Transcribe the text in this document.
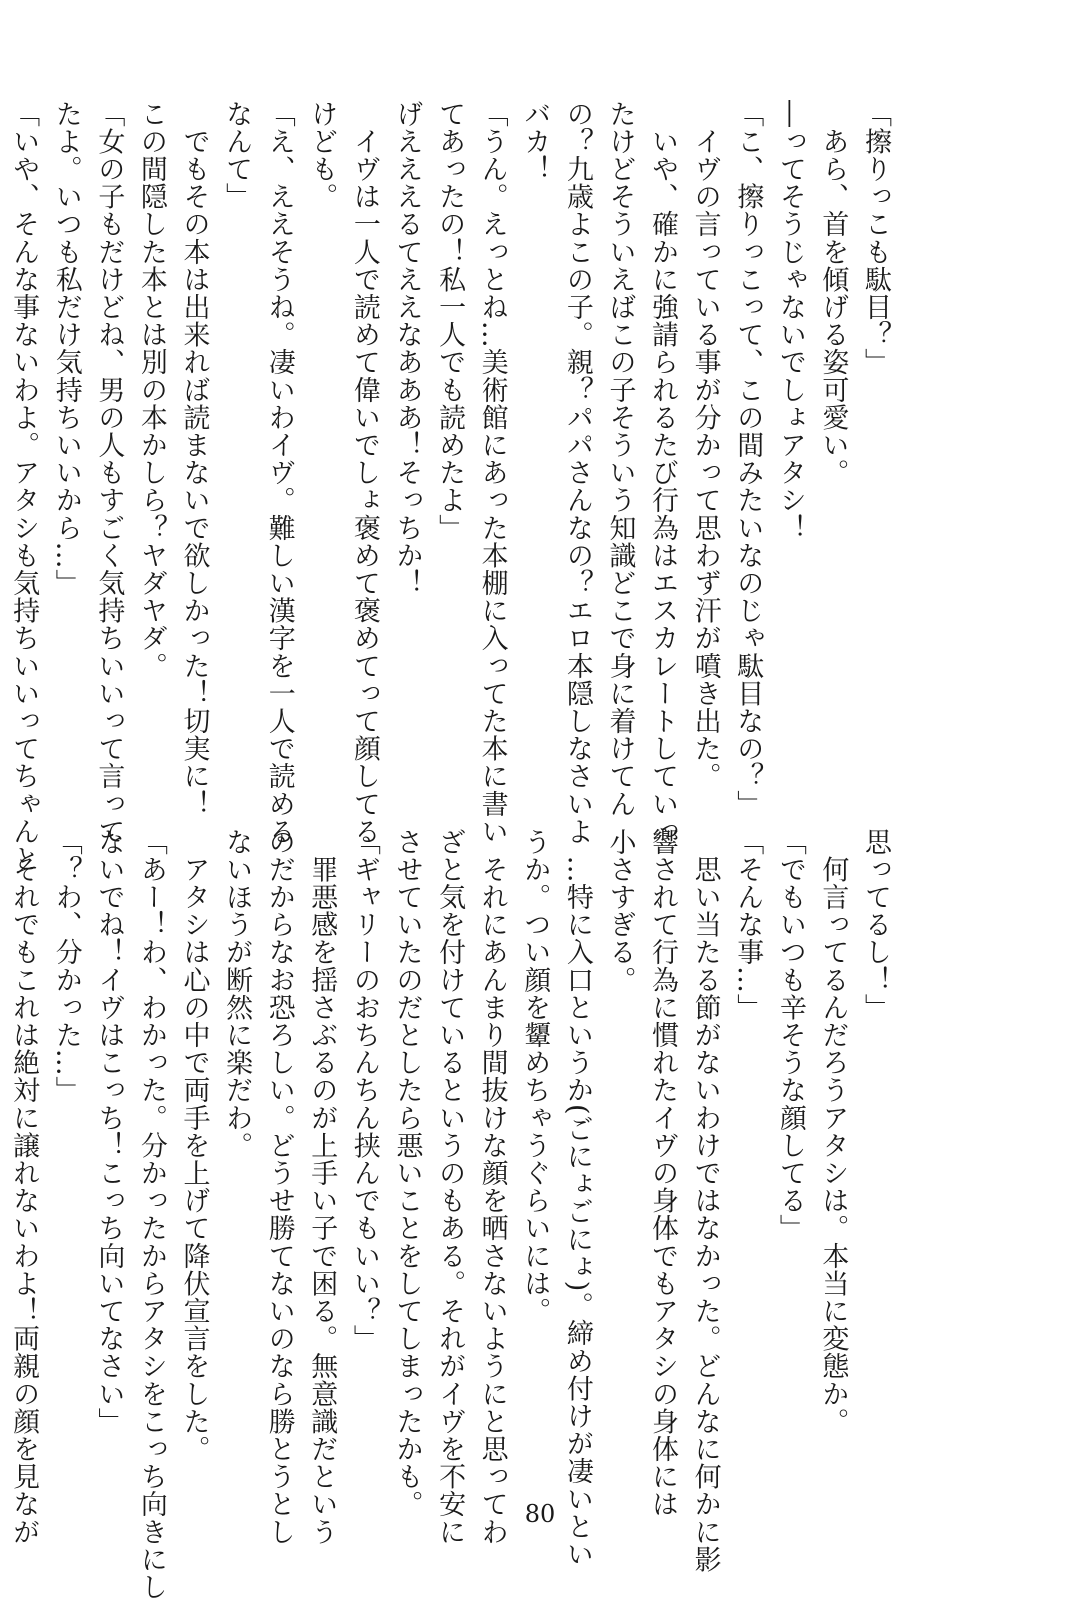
「擦りっこも駄目？」
　あら、首を傾げる姿可愛い。
―ってそうじゃないでしょアタシ！
「こ、擦りっこって、この間みたいなのじゃ駄目なの？」
　イヴの言っている事が分かって思わず汗が噴き出た。
　いや、確かに強請られるたび行為はエスカレートしていっ
たけどそういえばこの子そういう知識どこで身に着けてん
の？九歳よこの子。親？パパさんなの？エロ本隠しなさいよ
バカ！
「うん。えっとね…美術館にあった本棚に入ってた本に書い
てあったの！私一人でも読めたよ」
げえええるてええなあああ！そっちか！
　イヴは一人で読めて偉いでしょ褒めて褒めてって顔してる
けども。
「え、ええそうね。凄いわイヴ。難しい漢字を一人で読める
なんて」
　でもその本は出来れば読まないで欲しかった！切実に！
この間隠した本とは別の本かしら？ヤダヤダ。
「女の子もだけどね、男の人もすごく気持ちいいって言って
たよ。いつも私だけ気持ちいいから…」
「いや、そんな事ないわよ。アタシも気持ちいいってちゃんと
思ってるし！」
　何言ってるんだろうアタシは。本当に変態か。
「でもいつも辛そうな顔してる」
「そんな事…」
　思い当たる節がないわけではなかった。どんなに何かに影
響されて行為に慣れたイヴの身体でもアタシの身体には
小さすぎる。
　…特に入口というか(ごにょごにょ)。締め付けが凄いとい
うか。つい顔を顰めちゃうぐらいには。
　それにあんまり間抜けな顔を晒さないようにと思ってわ
ざと気を付けているというのもある。それがイヴを不安に
させていたのだとしたら悪いことをしてしまったかも。
「ギャリーのおちんちん挟んでもいい？」
　罪悪感を揺さぶるのが上手い子で困る。無意識だという
のだからなお恐ろしい。どうせ勝てないのなら勝とうとし
ないほうが断然に楽だわ。
　アタシは心の中で両手を上げて降伏宣言をした。
「あー！わ、わかった。分かったからアタシをこっち向きにし
ないでね！イヴはこっち！こっち向いてなさい」
「？わ、分かった…」
　それでもこれは絶対に譲れないわよ！両親の顔を見なが	80
